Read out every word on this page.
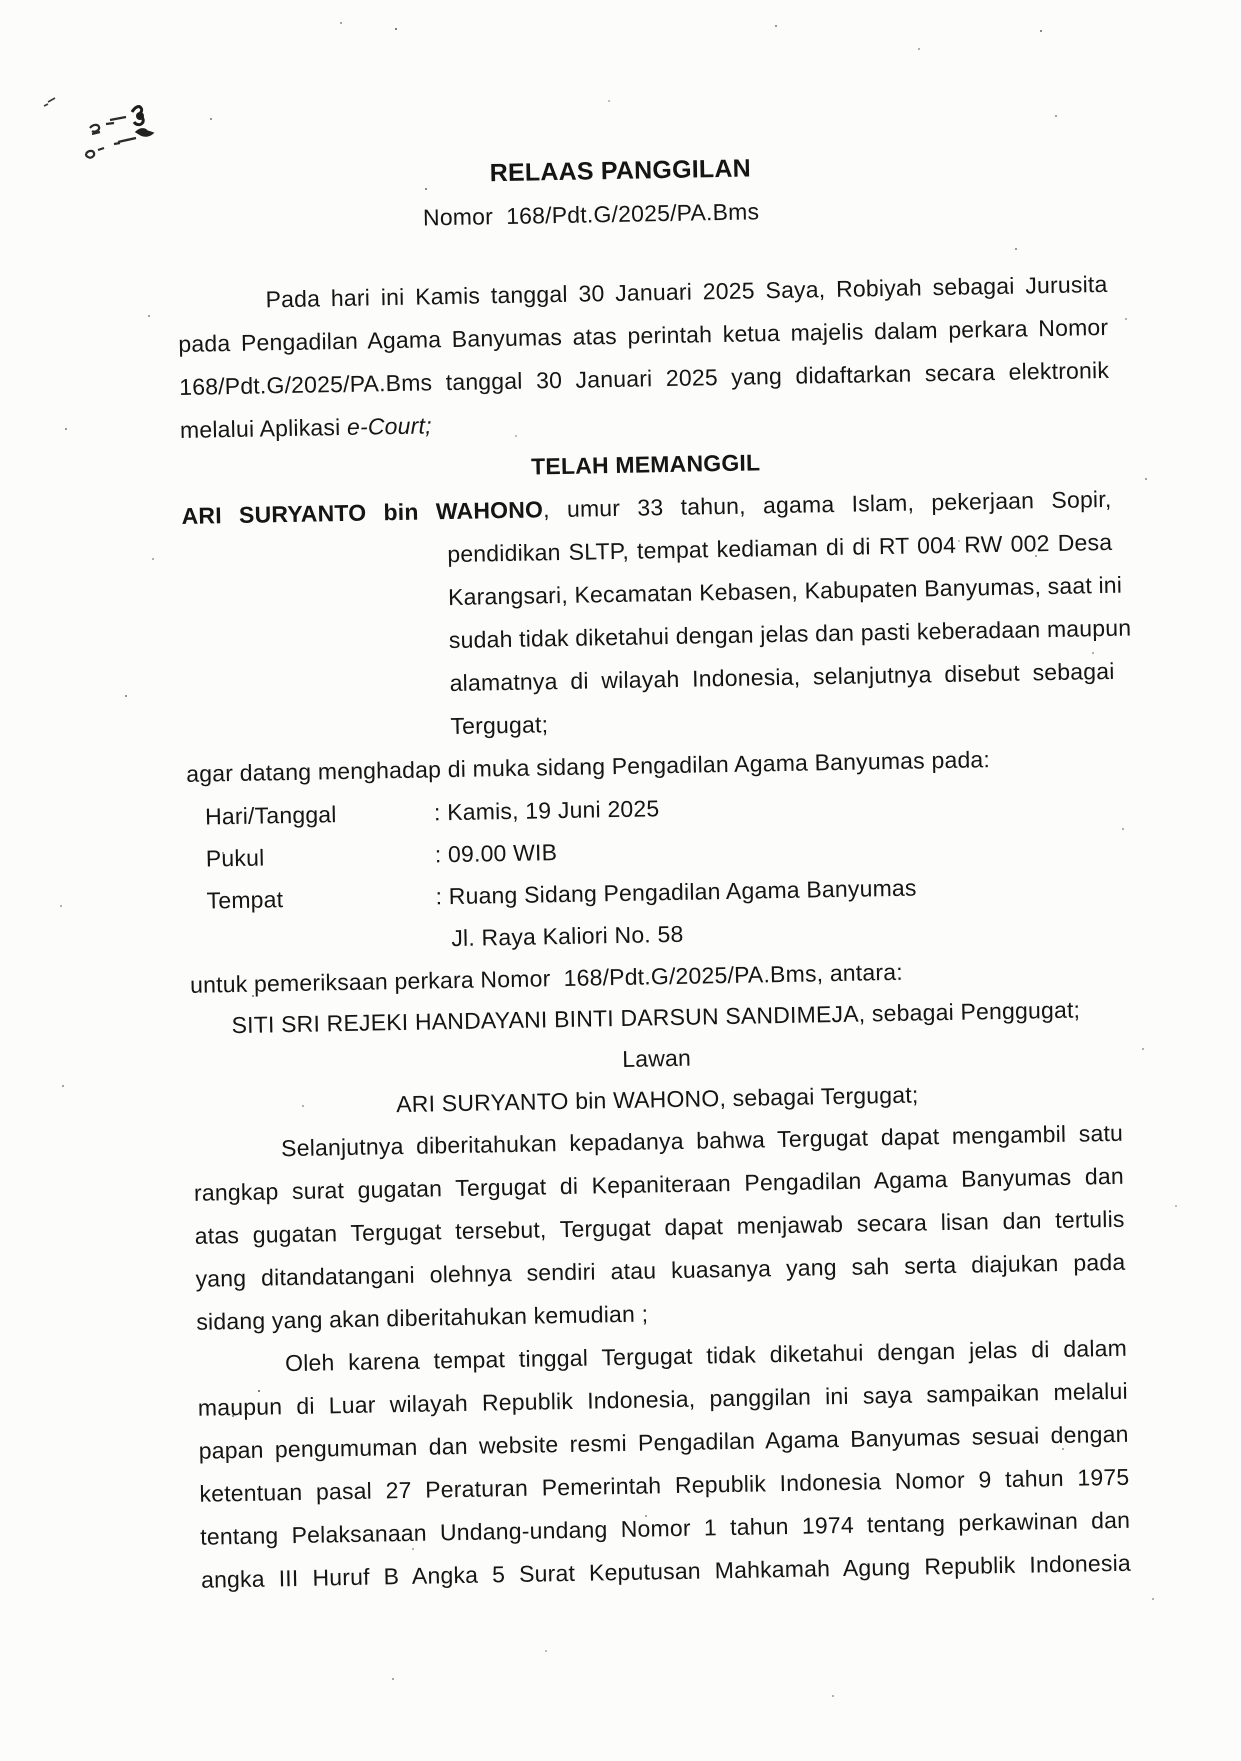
RELAAS PANGGILAN
Nomor  168/Pdt.G/2025/PA.Bms
Pada hari ini Kamis tanggal 30 Januari 2025 Saya, Robiyah sebagai Jurusita
pada Pengadilan Agama Banyumas atas perintah ketua majelis dalam perkara Nomor
168/Pdt.G/2025/PA.Bms tanggal 30 Januari 2025 yang didaftarkan secara elektronik
melalui Aplikasi e-Court;
TELAH MEMANGGIL
ARI SURYANTO bin WAHONO, umur 33 tahun, agama Islam, pekerjaan Sopir,
pendidikan SLTP, tempat kediaman di di RT 004 RW 002 Desa
Karangsari, Kecamatan Kebasen, Kabupaten Banyumas, saat ini
sudah tidak diketahui dengan jelas dan pasti keberadaan maupun
alamatnya di wilayah Indonesia, selanjutnya disebut sebagai
Tergugat;
agar datang menghadap di muka sidang Pengadilan Agama Banyumas pada:
Hari/Tanggal	: Kamis, 19 Juni 2025
Pukul	: 09.00 WIB
Tempat	: Ruang Sidang Pengadilan Agama Banyumas
Jl. Raya Kaliori No. 58
untuk pemeriksaan perkara Nomor  168/Pdt.G/2025/PA.Bms, antara:
SITI SRI REJEKI HANDAYANI BINTI DARSUN SANDIMEJA, sebagai Penggugat;
Lawan
ARI SURYANTO bin WAHONO, sebagai Tergugat;
Selanjutnya diberitahukan kepadanya bahwa Tergugat dapat mengambil satu
rangkap surat gugatan Tergugat di Kepaniteraan Pengadilan Agama Banyumas dan
atas gugatan Tergugat tersebut, Tergugat dapat menjawab secara lisan dan tertulis
yang ditandatangani olehnya sendiri atau kuasanya yang sah serta diajukan pada
sidang yang akan diberitahukan kemudian ;
Oleh karena tempat tinggal Tergugat tidak diketahui dengan jelas di dalam
maupun di Luar wilayah Republik Indonesia, panggilan ini saya sampaikan melalui
papan pengumuman dan website resmi Pengadilan Agama Banyumas sesuai dengan
ketentuan pasal 27 Peraturan Pemerintah Republik Indonesia Nomor 9 tahun 1975
tentang Pelaksanaan Undang-undang Nomor 1 tahun 1974 tentang perkawinan dan
angka III Huruf B Angka 5 Surat Keputusan Mahkamah Agung Republik Indonesia
